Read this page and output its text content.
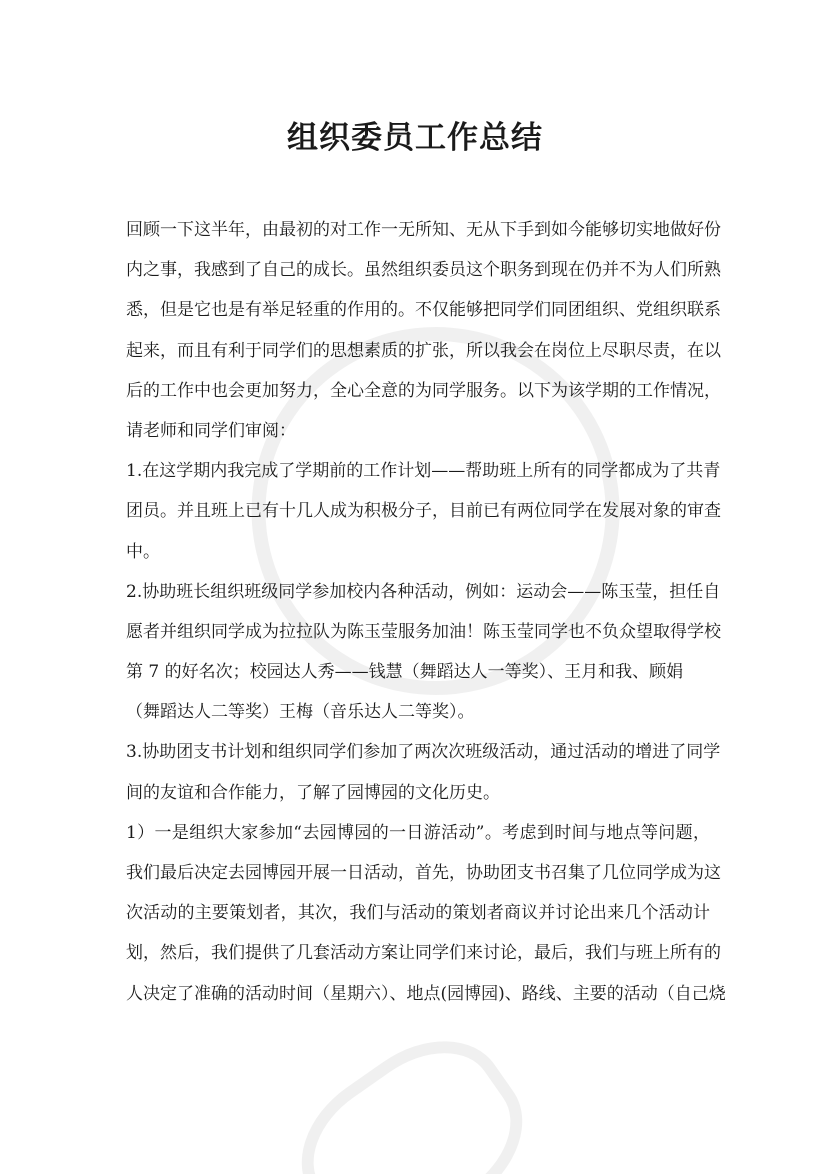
组织委员工作总结
回顾一下这半年，由最初的对工作一无所知、无从下手到如今能够切实地做好份
内之事，我感到了自己的成长。虽然组织委员这个职务到现在仍并不为人们所熟
悉，但是它也是有举足轻重的作用的。不仅能够把同学们同团组织、党组织联系
起来，而且有利于同学们的思想素质的扩张，所以我会在岗位上尽职尽责，在以
后的工作中也会更加努力，全心全意的为同学服务。以下为该学期的工作情况，
请老师和同学们审阅：
1.在这学期内我完成了学期前的工作计划——帮助班上所有的同学都成为了共青
团员。并且班上已有十几人成为积极分子，目前已有两位同学在发展对象的审查
中。
2.协助班长组织班级同学参加校内各种活动，例如：运动会——陈玉莹，担任自
愿者并组织同学成为拉拉队为陈玉莹服务加油！陈玉莹同学也不负众望取得学校
第 7 的好名次；校园达人秀——钱慧（舞蹈达人一等奖）、王月和我、顾娟
（舞蹈达人二等奖）王梅（音乐达人二等奖）。
3.协助团支书计划和组织同学们参加了两次次班级活动，通过活动的增进了同学
间的友谊和合作能力，了解了园博园的文化历史。
1）一是组织大家参加“去园博园的一日游活动”。考虑到时间与地点等问题，
我们最后决定去园博园开展一日活动，首先，协助团支书召集了几位同学成为这
次活动的主要策划者，其次，我们与活动的策划者商议并讨论出来几个活动计
划，然后，我们提供了几套活动方案让同学们来讨论，最后，我们与班上所有的
人决定了准确的活动时间（星期六）、地点(园博园)、路线、主要的活动（自己烧
